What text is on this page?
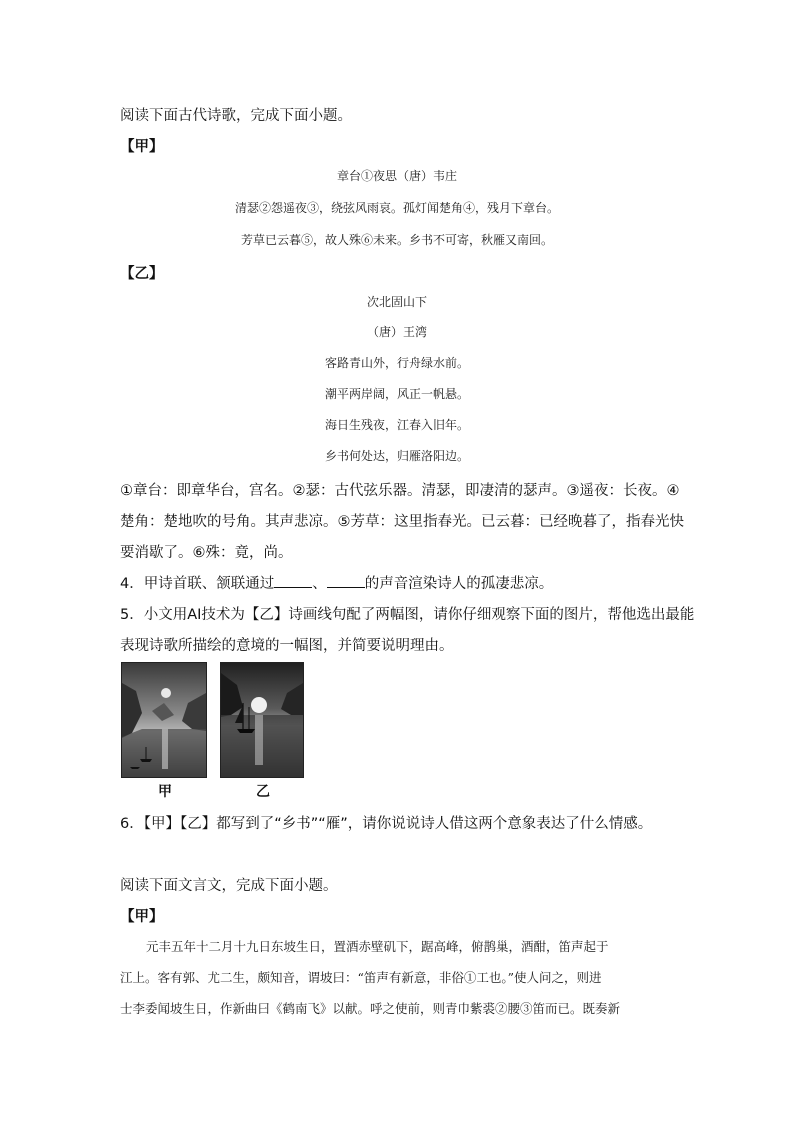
阅读下面古代诗歌，完成下面小题。
【甲】
章台①夜思（唐）韦庄
清瑟②怨遥夜③，绕弦风雨哀。孤灯闻楚角④，残月下章台。
芳草已云暮⑤，故人殊⑥未来。乡书不可寄，秋雁又南回。
【乙】
次北固山下
（唐）王湾
客路青山外，行舟绿水前。
潮平两岸阔，风正一帆悬。
海日生残夜，江春入旧年。
乡书何处达，归雁洛阳边。
①章台：即章华台，宫名。②瑟：古代弦乐器。清瑟，即凄清的瑟声。③遥夜：长夜。④
楚角：楚地吹的号角。其声悲凉。⑤芳草：这里指春光。已云暮：已经晚暮了，指春光快
要消歇了。⑥殊：竟，尚。
4．甲诗首联、颔联通过	、	的声音渲染诗人的孤凄悲凉。
5．小文用AI技术为【乙】诗画线句配了两幅图，请你仔细观察下面的图片，帮他选出最能
表现诗歌所描绘的意境的一幅图，并简要说明理由。
甲	乙
6．【甲】【乙】都写到了“乡书”“雁”，请你说说诗人借这两个意象表达了什么情感。
阅读下面文言文，完成下面小题。
【甲】
元丰五年十二月十九日东坡生日，置酒赤壁矶下，踞高峰，俯鹊巢，酒酣，笛声起于
江上。客有郭、尤二生，颇知音，谓坡曰：“笛声有新意，非俗①工也。”使人问之，则进
士李委闻坡生日，作新曲曰《鹤南飞》以献。呼之使前，则青巾紫裘②腰③笛而已。既奏新
